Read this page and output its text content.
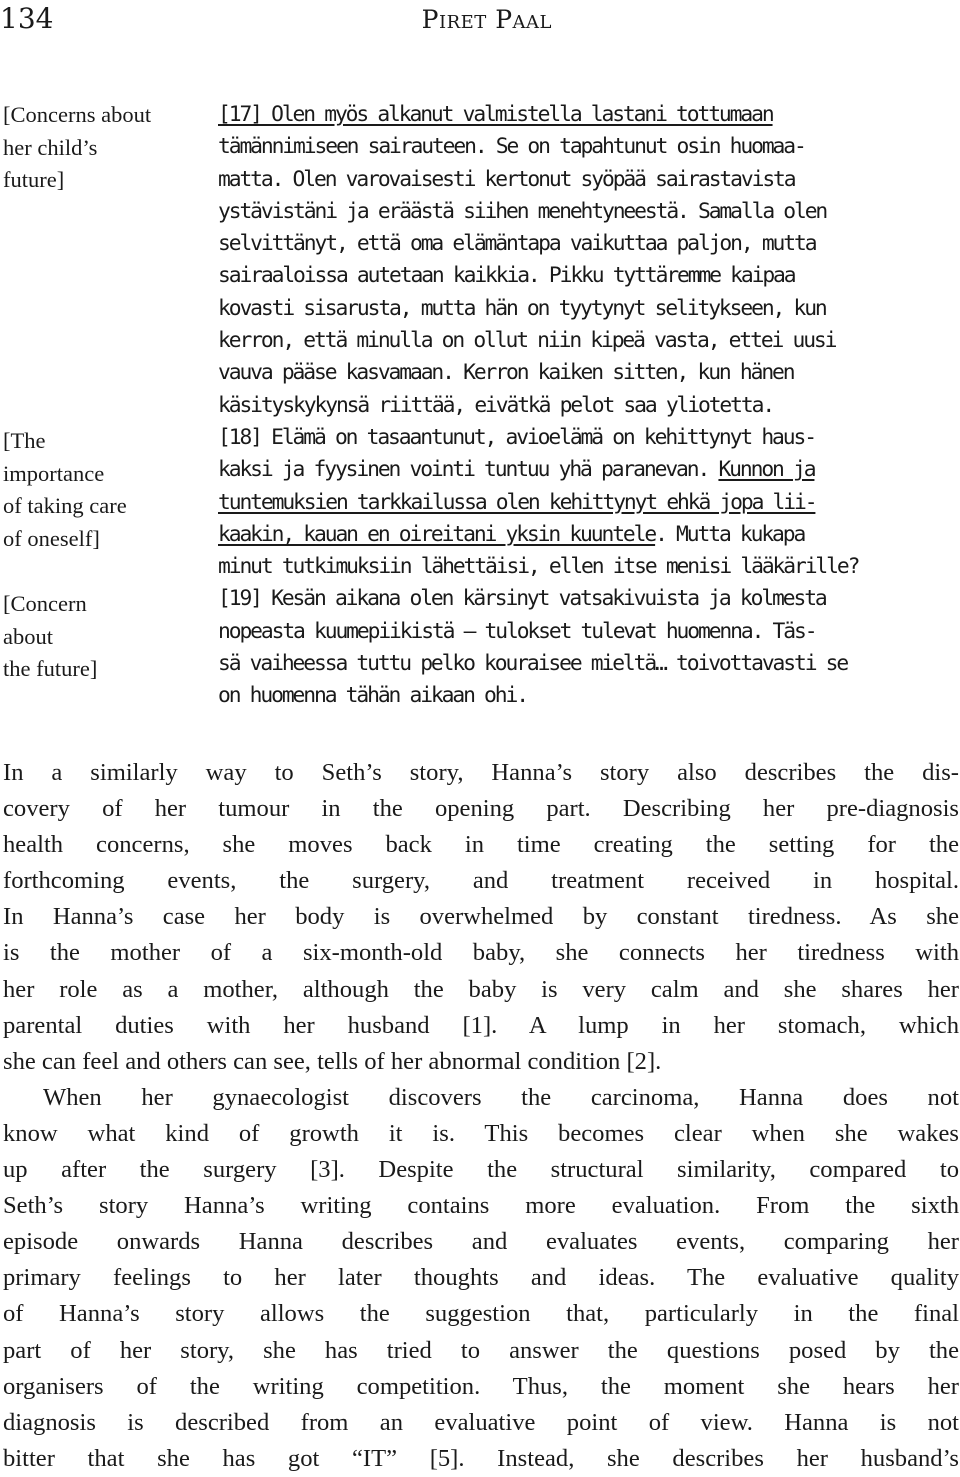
134	Piret Paal
[Concerns about
her child’s
future]
[The
importance
of taking care
of oneself]
[Concern
about
the future]

[17] Olen myös alkanut valmistella lastani tottumaan
tämännimiseen sairauteen. Se on tapahtunut osin huomaa-
matta. Olen varovaisesti kertonut syöpää sairastavista
ystävistäni ja eräästä siihen menehtyneestä. Samalla olen
selvittänyt, että oma elämäntapa vaikuttaa paljon, mutta
sairaaloissa autetaan kaikkia. Pikku tyttäremme kaipaa
kovasti sisarusta, mutta hän on tyytynyt selitykseen, kun
kerron, että minulla on ollut niin kipeä vasta, ettei uusi
vauva pääse kasvamaan. Kerron kaiken sitten, kun hänen
käsityskykynsä riittää, eivätkä pelot saa yliotetta.

[18] Elämä on tasaantunut, avioelämä on kehittynyt haus-
kaksi ja fyysinen vointi tuntuu yhä paranevan. Kunnon ja
tuntemuksien tarkkailussa olen kehittynyt ehkä jopa lii-
kaakin, kauan en oireitani yksin kuuntele. Mutta kukapa
minut tutkimuksiin lähettäisi, ellen itse menisi lääkärille?

[19] Kesän aikana olen kärsinyt vatsakivuista ja kolmesta
nopeasta kuumepiikistä – tulokset tulevat huomenna. Täs-
sä vaiheessa tuttu pelko kouraisee mieltä… toivottavasti se
on huomenna tähän aikaan ohi.

In a similarly way to Seth’s story, Hanna’s story also describes the dis-
covery of her tumour in the opening part. Describing her pre-diagnosis
health concerns, she moves back in time creating the setting for the
forthcoming events, the surgery, and treatment received in hospital.
In Hanna’s case her body is overwhelmed by constant tiredness. As she
is the mother of a six-month-old baby, she connects her tiredness with
her role as a mother, although the baby is very calm and she shares her
parental duties with her husband [1]. A lump in her stomach, which
she can feel and others can see, tells of her abnormal condition [2].
When her gynaecologist discovers the carcinoma, Hanna does not
know what kind of growth it is. This becomes clear when she wakes
up after the surgery [3]. Despite the structural similarity, compared to
Seth’s story Hanna’s writing contains more evaluation. From the sixth
episode onwards Hanna describes and evaluates events, comparing her
primary feelings to her later thoughts and ideas. The evaluative quality
of Hanna’s story allows the suggestion that, particularly in the final
part of her story, she has tried to answer the questions posed by the
organisers of the writing competition. Thus, the moment she hears her
diagnosis is described from an evaluative point of view. Hanna is not
bitter that she has got “IT” [5]. Instead, she describes her husband’s
